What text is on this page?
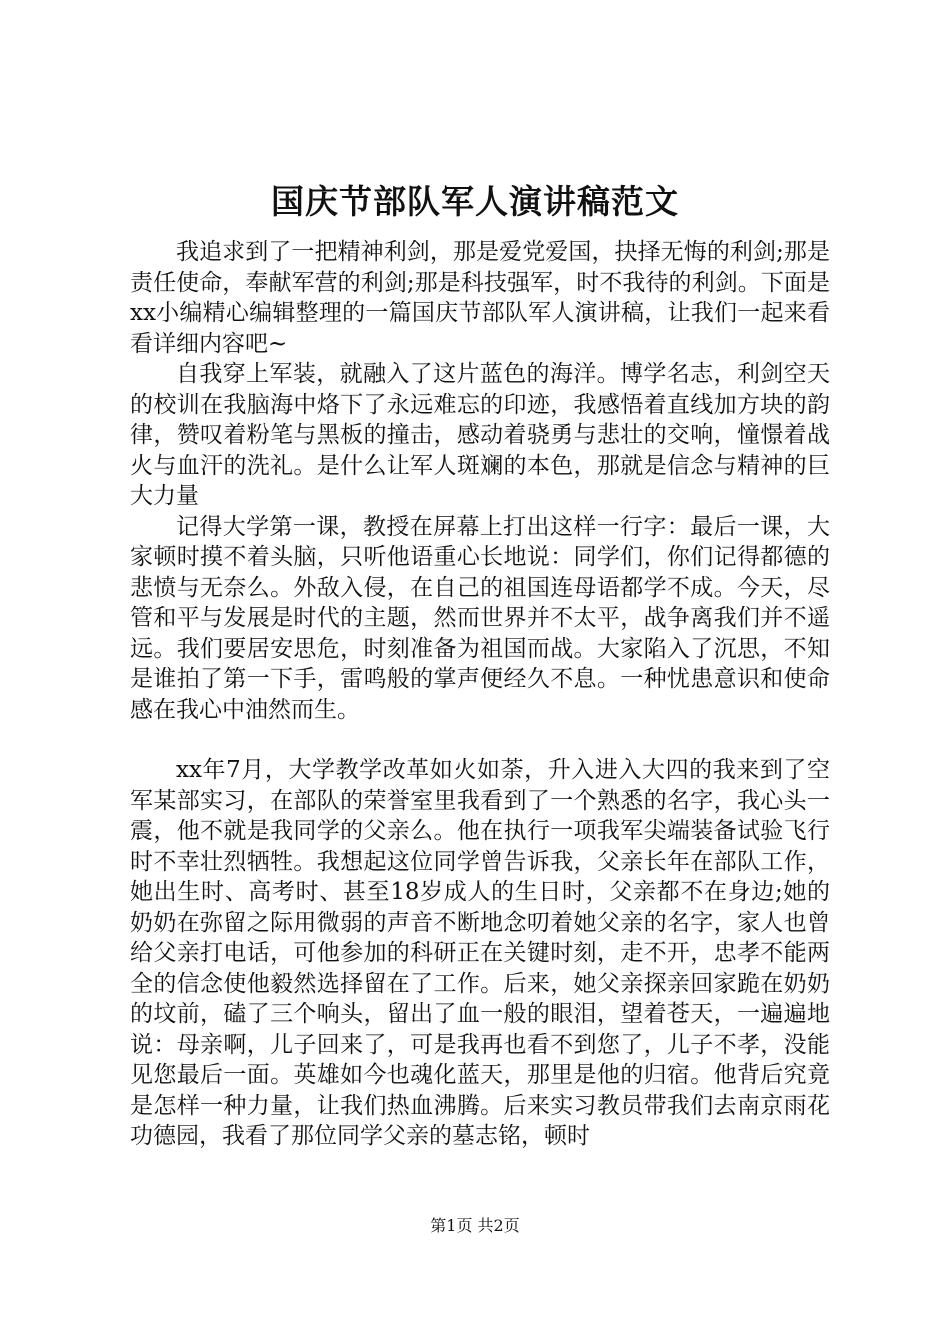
国庆节部队军人演讲稿范文

我追求到了一把精神利剑，那是爱党爱国，抉择无悔的利剑;那是责任使命，奉献军营的利剑;那是科技强军，时不我待的利剑。下面是xx小编精心编辑整理的一篇国庆节部队军人演讲稿，让我们一起来看看详细内容吧~

自我穿上军装，就融入了这片蓝色的海洋。博学名志，利剑空天的校训在我脑海中烙下了永远难忘的印迹，我感悟着直线加方块的韵律，赞叹着粉笔与黑板的撞击，感动着骁勇与悲壮的交响，憧憬着战火与血汗的洗礼。是什么让军人斑斓的本色，那就是信念与精神的巨大力量

记得大学第一课，教授在屏幕上打出这样一行字：最后一课，大家顿时摸不着头脑，只听他语重心长地说：同学们，你们记得都德的悲愤与无奈么。外敌入侵，在自己的祖国连母语都学不成。今天，尽管和平与发展是时代的主题，然而世界并不太平，战争离我们并不遥远。我们要居安思危，时刻准备为祖国而战。大家陷入了沉思，不知是谁拍了第一下手，雷鸣般的掌声便经久不息。一种忧患意识和使命感在我心中油然而生。

xx年7月，大学教学改革如火如荼，升入进入大四的我来到了空军某部实习，在部队的荣誉室里我看到了一个熟悉的名字，我心头一震，他不就是我同学的父亲么。他在执行一项我军尖端装备试验飞行时不幸壮烈牺牲。我想起这位同学曾告诉我，父亲长年在部队工作，她出生时、高考时、甚至18岁成人的生日时，父亲都不在身边;她的奶奶在弥留之际用微弱的声音不断地念叨着她父亲的名字，家人也曾给父亲打电话，可他参加的科研正在关键时刻，走不开，忠孝不能两全的信念使他毅然选择留在了工作。后来，她父亲探亲回家跪在奶奶的坟前，磕了三个响头，留出了血一般的眼泪，望着苍天，一遍遍地说：母亲啊，儿子回来了，可是我再也看不到您了，儿子不孝，没能见您最后一面。英雄如今也魂化蓝天，那里是他的归宿。他背后究竟是怎样一种力量，让我们热血沸腾。后来实习教员带我们去南京雨花功德园，我看了那位同学父亲的墓志铭，顿时

第1页 共2页
